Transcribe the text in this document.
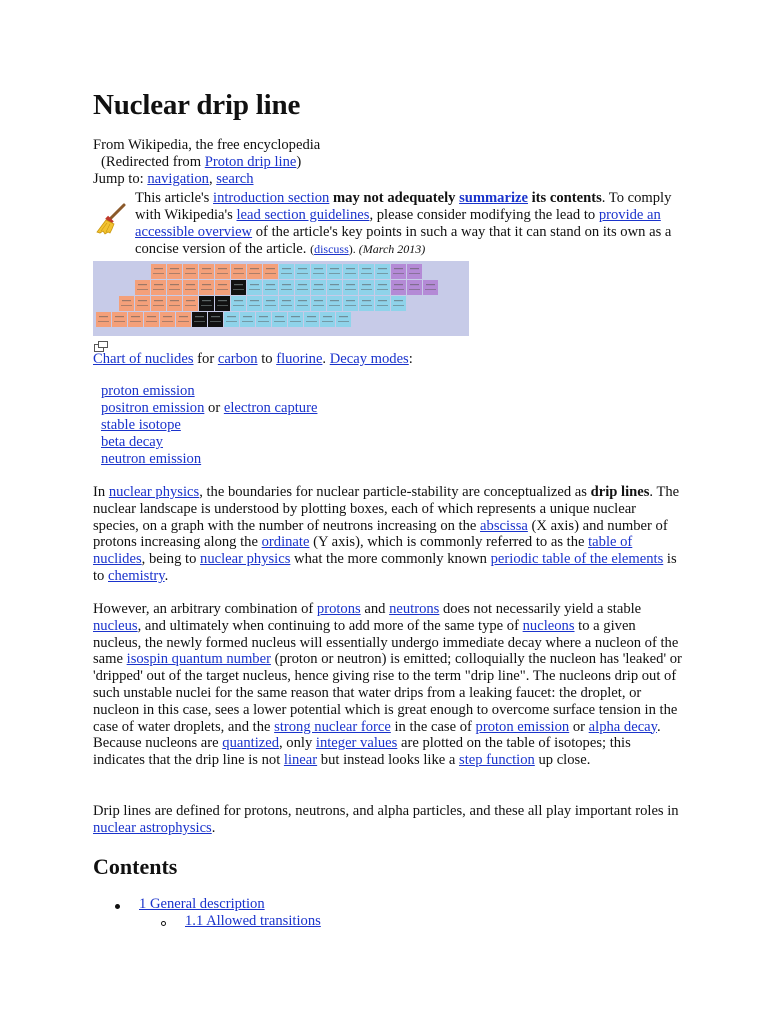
Nuclear drip line
From Wikipedia, the free encyclopedia
(Redirected from Proton drip line)
Jump to: navigation, search
This article's introduction section may not adequately summarize its contents. To comply with Wikipedia's lead section guidelines, please consider modifying the lead to provide an accessible overview of the article's key points in such a way that it can stand on its own as a concise version of the article. (discuss). (March 2013)
Chart of nuclides for carbon to fluorine. Decay modes:
proton emission
positron emission or electron capture
stable isotope
beta decay
neutron emission

In nuclear physics, the boundaries for nuclear particle-stability are conceptualized as drip lines. The nuclear landscape is understood by plotting boxes, each of which represents a unique nuclear species, on a graph with the number of neutrons increasing on the abscissa (X axis) and number of protons increasing along the ordinate (Y axis), which is commonly referred to as the table of nuclides, being to nuclear physics what the more commonly known periodic table of the elements is to chemistry.

However, an arbitrary combination of protons and neutrons does not necessarily yield a stable nucleus, and ultimately when continuing to add more of the same type of nucleons to a given nucleus, the newly formed nucleus will essentially undergo immediate decay where a nucleon of the same isospin quantum number (proton or neutron) is emitted; colloquially the nucleon has 'leaked' or 'dripped' out of the target nucleus, hence giving rise to the term "drip line". The nucleons drip out of such unstable nuclei for the same reason that water drips from a leaking faucet: the droplet, or nucleon in this case, sees a lower potential which is great enough to overcome surface tension in the case of water droplets, and the strong nuclear force in the case of proton emission or alpha decay. Because nucleons are quantized, only integer values are plotted on the table of isotopes; this indicates that the drip line is not linear but instead looks like a step function up close.

Drip lines are defined for protons, neutrons, and alpha particles, and these all play important roles in nuclear astrophysics.

Contents
1 General description
1.1 Allowed transitions
